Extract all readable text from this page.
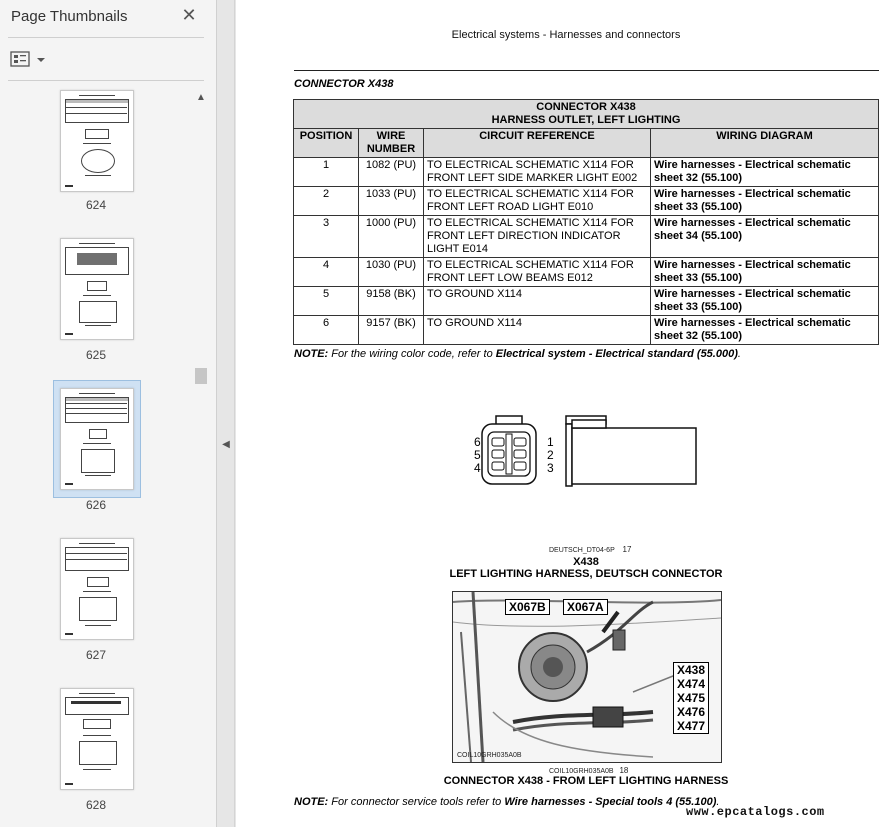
Page Thumbnails	✕
624
625
626
627
628
▲
◀
Electrical systems - Harnesses and connectors
CONNECTOR X438
CONNECTOR X438
HARNESS OUTLET, LEFT LIGHTING			
POSITION	WIRE NUMBER	CIRCUIT REFERENCE	WIRING DIAGRAM
1	1082 (PU)	TO ELECTRICAL SCHEMATIC X114 FOR FRONT LEFT SIDE MARKER LIGHT E002	Wire harnesses - Electrical schematic sheet 32 (55.100)
2	1033 (PU)	TO ELECTRICAL SCHEMATIC X114 FOR FRONT LEFT ROAD LIGHT E010	Wire harnesses - Electrical schematic sheet 33 (55.100)
3	1000 (PU)	TO ELECTRICAL SCHEMATIC X114 FOR FRONT LEFT DIRECTION INDICATOR LIGHT E014	Wire harnesses - Electrical schematic sheet 34 (55.100)
4	1030 (PU)	TO ELECTRICAL SCHEMATIC X114 FOR FRONT LEFT LOW BEAMS E012	Wire harnesses - Electrical schematic sheet 33 (55.100)
5	9158 (BK)	TO GROUND X114	Wire harnesses - Electrical schematic sheet 33 (55.100)
6	9157 (BK)	TO GROUND X114	Wire harnesses - Electrical schematic sheet 32 (55.100)
NOTE: For the wiring color code, refer to Electrical system - Electrical standard (55.000).
6
5
4
1
2
3
DEUTSCH_DT04-6P 17
X438
LEFT LIGHTING HARNESS, DEUTSCH CONNECTOR
X067B	X067A
X438
X474
X475
X476
X477
COIL10GRH035A0B
COIL10GRH035A0B 18
CONNECTOR X438 - FROM LEFT LIGHTING HARNESS
NOTE: For connector service tools refer to Wire harnesses - Special tools 4 (55.100).
www.epcatalogs.com
